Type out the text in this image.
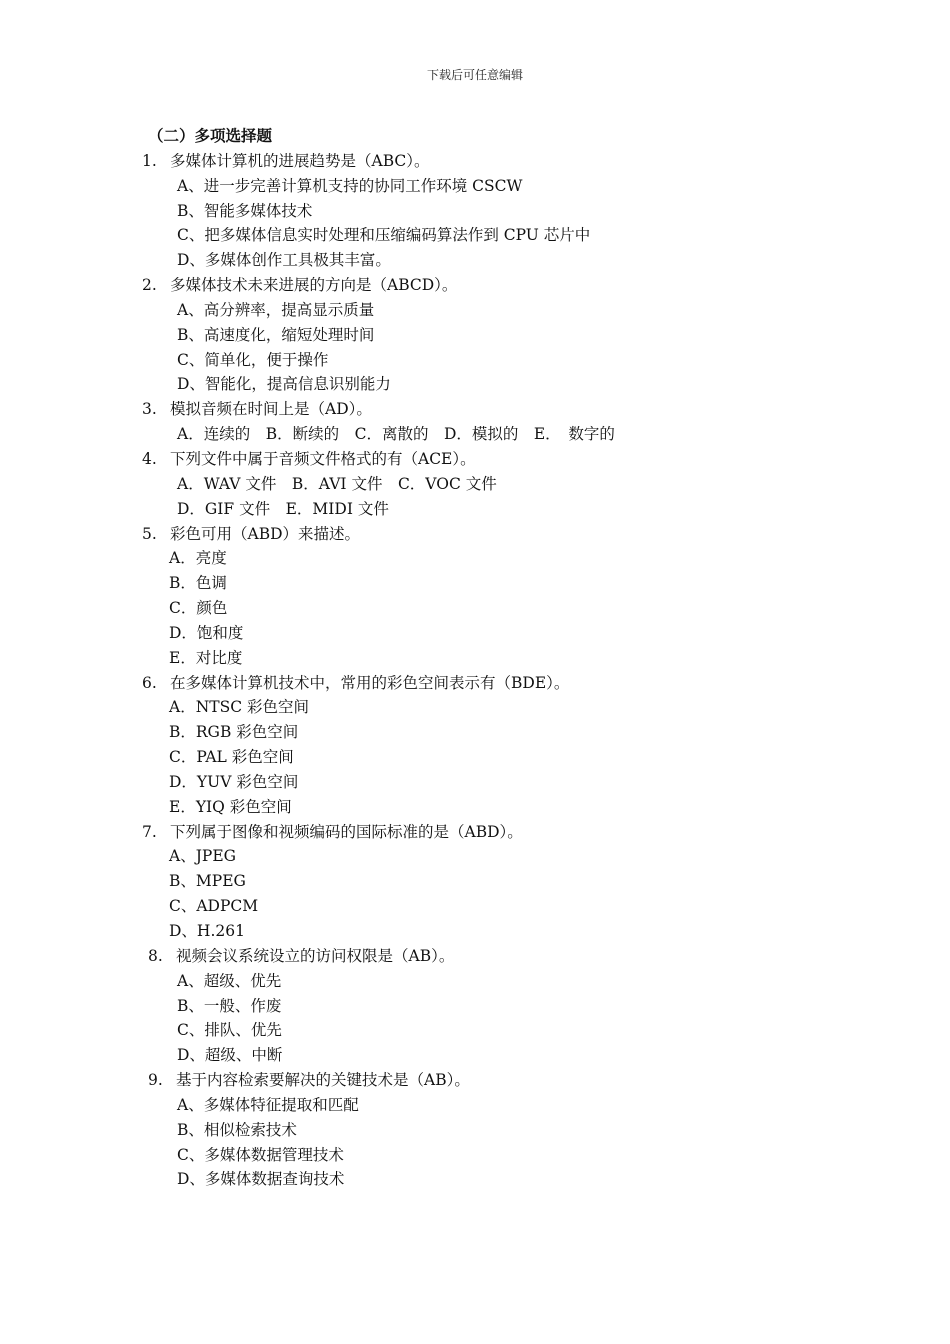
下载后可任意编辑
（二）多项选择题
1. 多媒体计算机的进展趋势是（ABC）。
A、进一步完善计算机支持的协同工作环境 CSCW
B、智能多媒体技术
C、把多媒体信息实时处理和压缩编码算法作到 CPU 芯片中
D、多媒体创作工具极其丰富。
2. 多媒体技术未来进展的方向是（ABCD）。
A、高分辨率，提高显示质量
B、高速度化，缩短处理时间
C、简单化，便于操作
D、智能化，提高信息识别能力
3. 模拟音频在时间上是（AD）。
A．连续的　B．断续的　C．离散的　D．模拟的　E．　数字的
4. 下列文件中属于音频文件格式的有（ACE）。
A．WAV 文件　B．AVI 文件　C．VOC 文件
D．GIF 文件　E．MIDI 文件
5. 彩色可用（ABD）来描述。
A．亮度
B．色调
C．颜色
D．饱和度
E．对比度
6. 在多媒体计算机技术中，常用的彩色空间表示有（BDE）。
A．NTSC 彩色空间
B．RGB 彩色空间
C．PAL 彩色空间
D．YUV 彩色空间
E．YIQ 彩色空间
7. 下列属于图像和视频编码的国际标准的是（ABD）。
A、JPEG
B、MPEG
C、ADPCM
D、H.261
8. 视频会议系统设立的访问权限是（AB）。
A、超级、优先
B、一般、作废
C、排队、优先
D、超级、中断
9. 基于内容检索要解决的关键技术是（AB）。
A、多媒体特征提取和匹配
B、相似检索技术
C、多媒体数据管理技术
D、多媒体数据查询技术
